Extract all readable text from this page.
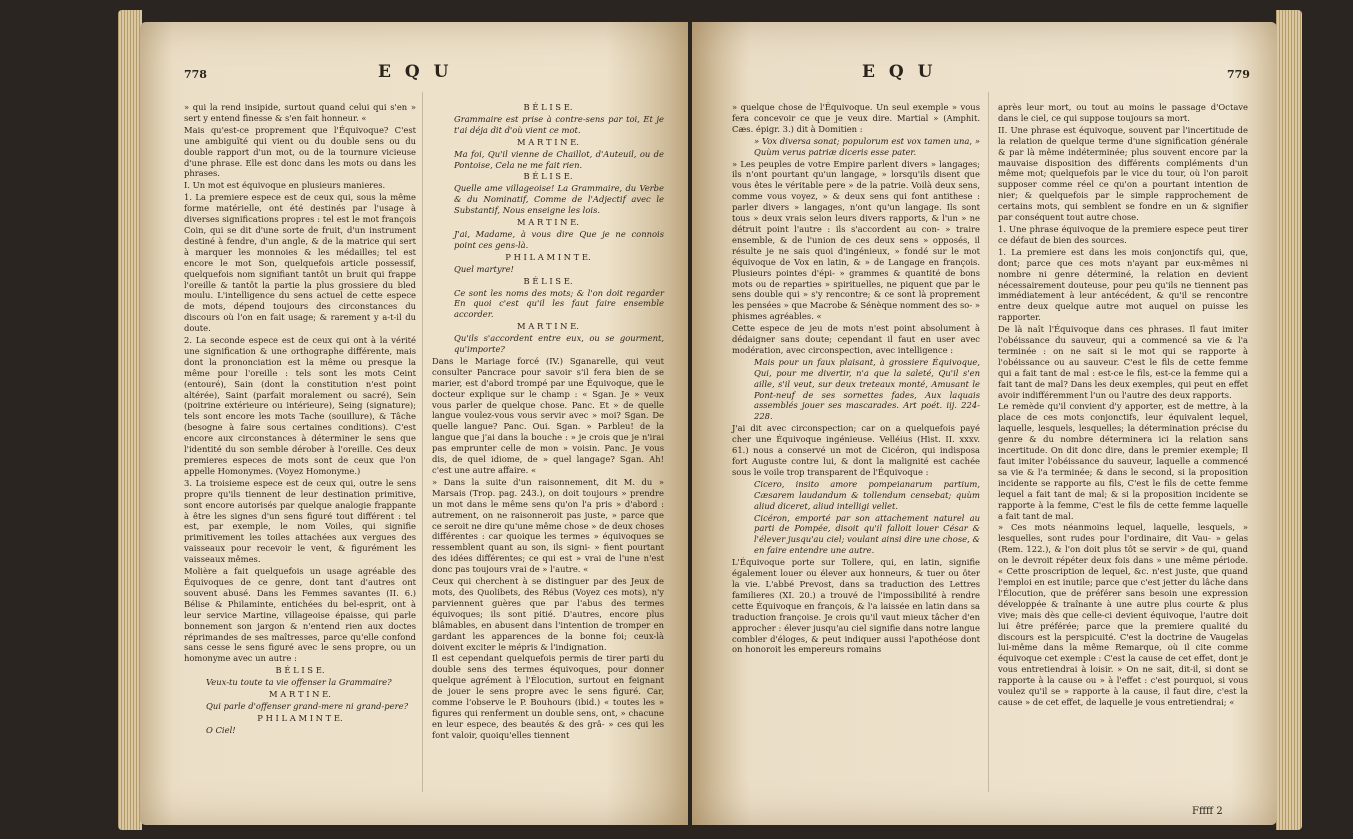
778	E Q U

» qui la rend insipide, surtout quand celui qui s'en » sert y entend finesse & s'en fait honneur. «

Mais qu'est-ce proprement que l'Équivoque? C'est une ambiguïté qui vient ou du double sens ou du double rapport d'un mot, ou de la tournure vicieuse d'une phrase. Elle est donc dans les mots ou dans les phrases.

I. Un mot est équivoque en plusieurs manieres.

1. La premiere espece est de ceux qui, sous la même forme matérielle, ont été destinés par l'usage à diverses significations propres : tel est le mot françois Coin, qui se dit d'une sorte de fruit, d'un instrument destiné à fendre, d'un angle, & de la matrice qui sert à marquer les monnoies & les médailles; tel est encore le mot Son, quelquefois article possessif, quelquefois nom signifiant tantôt un bruit qui frappe l'oreille & tantôt la partie la plus grossiere du bled moulu. L'intelligence du sens actuel de cette espece de mots, dépend toujours des circonstances du discours où l'on en fait usage; & rarement y a-t-il du doute.

2. La seconde espece est de ceux qui ont à la vérité une signification & une orthographe différente, mais dont la prononciation est la même ou presque la même pour l'oreille : tels sont les mots Ceint (entouré), Sain (dont la constitution n'est point altérée), Saint (parfait moralement ou sacré), Sein (poitrine extérieure ou intérieure), Seing (signature); tels sont encore les mots Tache (souillure), & Tâche (besogne à faire sous certaines conditions). C'est encore aux circonstances à déterminer le sens que l'identité du son semble dérober à l'oreille. Ces deux premieres especes de mots sont de ceux que l'on appelle Homonymes. (Voyez Homonyme.)

3. La troisieme espece est de ceux qui, outre le sens propre qu'ils tiennent de leur destination primitive, sont encore autorisés par quelque analogie frappante à être les signes d'un sens figuré tout différent : tel est, par exemple, le nom Voiles, qui signifie primitivement les toiles attachées aux vergues des vaisseaux pour recevoir le vent, & figurément les vaisseaux mêmes.

Molière a fait quelquefois un usage agréable des Équivoques de ce genre, dont tant d'autres ont souvent abusé. Dans les Femmes savantes (II. 6.) Bélise & Philaminte, entichées du bel-esprit, ont à leur service Martine, villageoise épaisse, qui parle bonnement son jargon & n'entend rien aux doctes réprimandes de ses maîtresses, parce qu'elle confond sans cesse le sens figuré avec le sens propre, ou un homonyme avec un autre :

B É L I S E.

Veux-tu toute ta vie offenser la Grammaire?

M A R T I N E.

Qui parle d'offenser grand-mere ni grand-pere?

P H I L A M I N T E.

O Ciel!

B É L I S E.

Grammaire est prise à contre-sens par toi, Et je t'ai déja dit d'où vient ce mot.

M A R T I N E.

Ma foi, Qu'il vienne de Chaillot, d'Auteuil, ou de Pontoise, Cela ne me fait rien.

B É L I S E.

Quelle ame villageoise! La Grammaire, du Verbe & du Nominatif, Comme de l'Adjectif avec le Substantif, Nous enseigne les lois.

M A R T I N E.

J'ai, Madame, à vous dire Que je ne connois point ces gens-là.

P H I L A M I N T E.

Quel martyre!

B É L I S E.

Ce sont les noms des mots; & l'on doit regarder En quoi c'est qu'il les faut faire ensemble accorder.

M A R T I N E.

Qu'ils s'accordent entre eux, ou se gourment, qu'importe?

Dans le Mariage forcé (IV.) Sganarelle, qui veut consulter Pancrace pour savoir s'il fera bien de se marier, est d'abord trompé par une Équivoque, que le docteur explique sur le champ : « Sgan. Je » veux vous parler de quelque chose. Panc. Et » de quelle langue voulez-vous vous servir avec » moi? Sgan. De quelle langue? Panc. Oui. Sgan. » Parbleu! de la langue que j'ai dans la bouche : » je crois que je n'irai pas emprunter celle de mon » voisin. Panc. Je vous dis, de quel idiome, de » quel langage? Sgan. Ah! c'est une autre affaire. «

» Dans la suite d'un raisonnement, dit M. du » Marsais (Trop. pag. 243.), on doit toujours » prendre un mot dans le même sens qu'on l'a pris » d'abord : autrement, on ne raisonneroit pas juste, » parce que ce seroit ne dire qu'une même chose » de deux choses différentes : car quoique les termes » équivoques se ressemblent quant au son, ils signi- » fient pourtant des idées différentes; ce qui est » vrai de l'une n'est donc pas toujours vrai de » l'autre. «

Ceux qui cherchent à se distinguer par des Jeux de mots, des Quolibets, des Rébus (Voyez ces mots), n'y parviennent guères que par l'abus des termes équivoques; ils sont pitié. D'autres, encore plus blâmables, en abusent dans l'intention de tromper en gardant les apparences de la bonne foi; ceux-là doivent exciter le mépris & l'indignation.

Il est cependant quelquefois permis de tirer parti du double sens des termes équivoques, pour donner quelque agrément à l'Élocution, surtout en feignant de jouer le sens propre avec le sens figuré. Car, comme l'observe le P. Bouhours (ibid.) « toutes les » figures qui renferment un double sens, ont, » chacune en leur espece, des beautés & des grâ- » ces qui les font valoir, quoiqu'elles tiennent

E Q U	779

» quelque chose de l'Équivoque. Un seul exemple » vous fera concevoir ce que je veux dire. Martial » (Amphit. Cæs. épigr. 3.) dit à Domitien :

» Vox diversa sonat; populorum est vox tamen una, » Quùm verus patriæ diceris esse pater.

» Les peuples de votre Empire parlent divers » langages; ils n'ont pourtant qu'un langage, » lorsqu'ils disent que vous êtes le véritable pere » de la patrie. Voilà deux sens, comme vous voyez, » & deux sens qui font antithese : parler divers » langages, n'ont qu'un langage. Ils sont tous » deux vrais selon leurs divers rapports, & l'un » ne détruit point l'autre : ils s'accordent au con- » traire ensemble, & de l'union de ces deux sens » opposés, il résulte je ne sais quoi d'ingénieux, » fondé sur le mot équivoque de Vox en latin, & » de Langage en françois. Plusieurs pointes d'épi- » grammes & quantité de bons mots ou de reparties » spirituelles, ne piquent que par le sens double qui » s'y rencontre; & ce sont là proprement les pensées » que Macrobe & Sénèque nomment des so- » phismes agréables. «

Cette espece de jeu de mots n'est point absolument à dédaigner sans doute; cependant il faut en user avec modération, avec circonspection, avec intelligence :

Mais pour un faux plaisant, à grossiere Équivoque, Qui, pour me divertir, n'a que la saleté, Qu'il s'en aille, s'il veut, sur deux treteaux monté, Amusant le Pont-neuf de ses sornettes fades, Aux laquais assemblés jouer ses mascarades. Art poét. iij. 224-228.

J'ai dit avec circonspection; car on a quelquefois payé cher une Équivoque ingénieuse. Velléius (Hist. II. xxxv. 61.) nous a conservé un mot de Cicéron, qui indisposa fort Auguste contre lui, & dont la malignité est cachée sous le voile trop transparent de l'Équivoque :

Cicero, insito amore pompeianarum partium, Cæsarem laudandum & tollendum censebat; quùm aliud diceret, aliud intelligi vellet.

Cicéron, emporté par son attachement naturel au parti de Pompée, disoit qu'il falloit louer César & l'élever jusqu'au ciel; voulant ainsi dire une chose, & en faire entendre une autre.

L'Équivoque porte sur Tollere, qui, en latin, signifie également louer ou élever aux honneurs, & tuer ou ôter la vie. L'abbé Prevost, dans sa traduction des Lettres familieres (XI. 20.) a trouvé de l'impossibilité à rendre cette Équivoque en françois, & l'a laissée en latin dans sa traduction françoise. Je crois qu'il vaut mieux tâcher d'en approcher : élever jusqu'au ciel signifie dans notre langue combler d'éloges, & peut indiquer aussi l'apothéose dont on honoroit les empereurs romains

après leur mort, ou tout au moins le passage d'Octave dans le ciel, ce qui suppose toujours sa mort.

II. Une phrase est équivoque, souvent par l'incertitude de la relation de quelque terme d'une signification générale & par là même indéterminée; plus souvent encore par la mauvaise disposition des différents compléments d'un même mot; quelquefois par le vice du tour, où l'on paroit supposer comme réel ce qu'on a pourtant intention de nier; & quelquefois par le simple rapprochement de certains mots, qui semblent se fondre en un & signifier par conséquent tout autre chose.

1. Une phrase équivoque de la premiere espece peut tirer ce défaut de bien des sources.

1. La premiere est dans les mois conjonctifs qui, que, dont; parce que ces mots n'ayant par eux-mêmes ni nombre ni genre déterminé, la relation en devient nécessairement douteuse, pour peu qu'ils ne tiennent pas immédiatement à leur antécédent, & qu'il se rencontre entre deux quelque autre mot auquel on puisse les rapporter.

De là naît l'Équivoque dans ces phrases. Il faut imiter l'obéissance du sauveur, qui a commencé sa vie & l'a terminée : on ne sait si le mot qui se rapporte à l'obéissance ou au sauveur. C'est le fils de cette femme qui a fait tant de mal : est-ce le fils, est-ce la femme qui a fait tant de mal? Dans les deux exemples, qui peut en effet avoir indifféremment l'un ou l'autre des deux rapports.

Le remède qu'il convient d'y apporter, est de mettre, à la place de ces mots conjonctifs, leur équivalent lequel, laquelle, lesquels, lesquelles; la détermination précise du genre & du nombre déterminera ici la relation sans incertitude. On dit donc dire, dans le premier exemple; Il faut imiter l'obéissance du sauveur, laquelle a commencé sa vie & l'a terminée; & dans le second, si la proposition incidente se rapporte au fils, C'est le fils de cette femme lequel a fait tant de mal; & si la proposition incidente se rapporte à la femme, C'est le fils de cette femme laquelle a fait tant de mal.

» Ces mots néanmoins lequel, laquelle, lesquels, » lesquelles, sont rudes pour l'ordinaire, dit Vau- » gelas (Rem. 122.), & l'on doit plus tôt se servir » de qui, quand on le devroit répéter deux fois dans » une même période. « Cette proscription de lequel, &c. n'est juste, que quand l'emploi en est inutile; parce que c'est jetter du lâche dans l'Élocution, que de préférer sans besoin une expression développée & traînante à une autre plus courte & plus vive; mais dès que celle-ci devient équivoque, l'autre doit lui être préférée; parce que la premiere qualité du discours est la perspicuité. C'est la doctrine de Vaugelas lui-même dans la même Remarque, où il cite comme équivoque cet exemple : C'est la cause de cet effet, dont je vous entretiendrai à loisir. » On ne sait, dit-il, si dont se rapporte à la cause ou » à l'effet : c'est pourquoi, si vous voulez qu'il se » rapporte à la cause, il faut dire, c'est la cause » de cet effet, de laquelle je vous entretiendrai; «

Fffff 2
